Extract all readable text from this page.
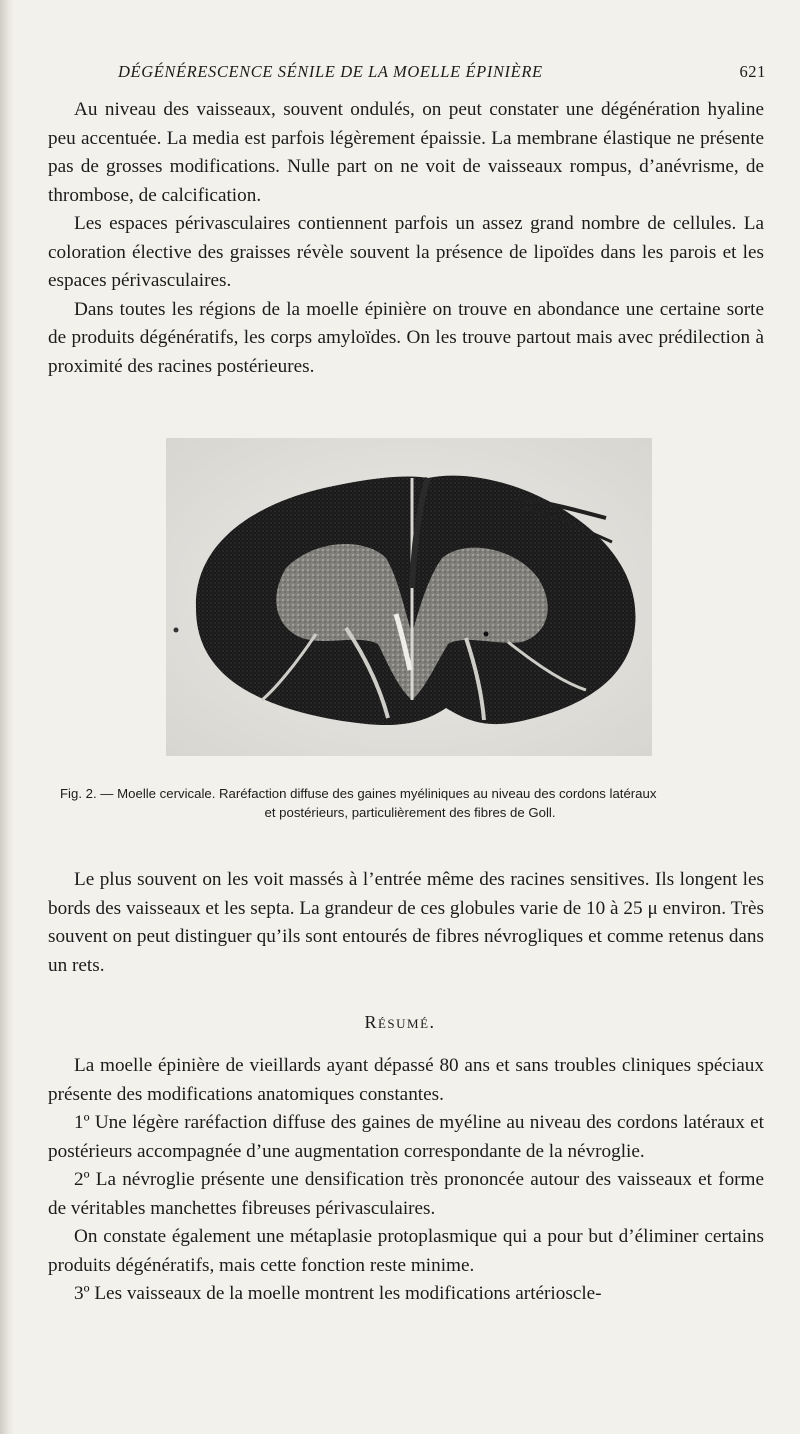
DÉGÉNÉRESCENCE SÉNILE DE LA MOELLE ÉPINIÈRE	621

Au niveau des vaisseaux, souvent ondulés, on peut constater une dégénération hyaline peu accentuée. La media est parfois légèrement épaissie. La membrane élastique ne présente pas de grosses modifications. Nulle part on ne voit de vaisseaux rompus, d’anévrisme, de thrombose, de calcification.

Les espaces périvasculaires contiennent parfois un assez grand nombre de cellules. La coloration élective des graisses révèle souvent la présence de lipoïdes dans les parois et les espaces périvasculaires.

Dans toutes les régions de la moelle épinière on trouve en abondance une certaine sorte de produits dégénératifs, les corps amyloïdes. On les trouve partout mais avec prédilection à proximité des racines postérieures.

Fig. 2. — Moelle cervicale. Raréfaction diffuse des gaines myéliniques au niveau des cordons latéraux
et postérieurs, particulièrement des fibres de Goll.

Le plus souvent on les voit massés à l’entrée même des racines sensitives. Ils longent les bords des vaisseaux et les septa. La grandeur de ces globules varie de 10 à 25 μ environ. Très souvent on peut distinguer qu’ils sont entourés de fibres névrogliques et comme retenus dans un rets.

Résumé.

La moelle épinière de vieillards ayant dépassé 80 ans et sans troubles cliniques spéciaux présente des modifications anatomiques constantes.

1º Une légère raréfaction diffuse des gaines de myéline au niveau des cordons latéraux et postérieurs accompagnée d’une augmentation correspondante de la névroglie.

2º La névroglie présente une densification très prononcée autour des vaisseaux et forme de véritables manchettes fibreuses périvasculaires.

On constate également une métaplasie protoplasmique qui a pour but d’éliminer certains produits dégénératifs, mais cette fonction reste minime.

3º Les vaisseaux de la moelle montrent les modifications artérioscle-
